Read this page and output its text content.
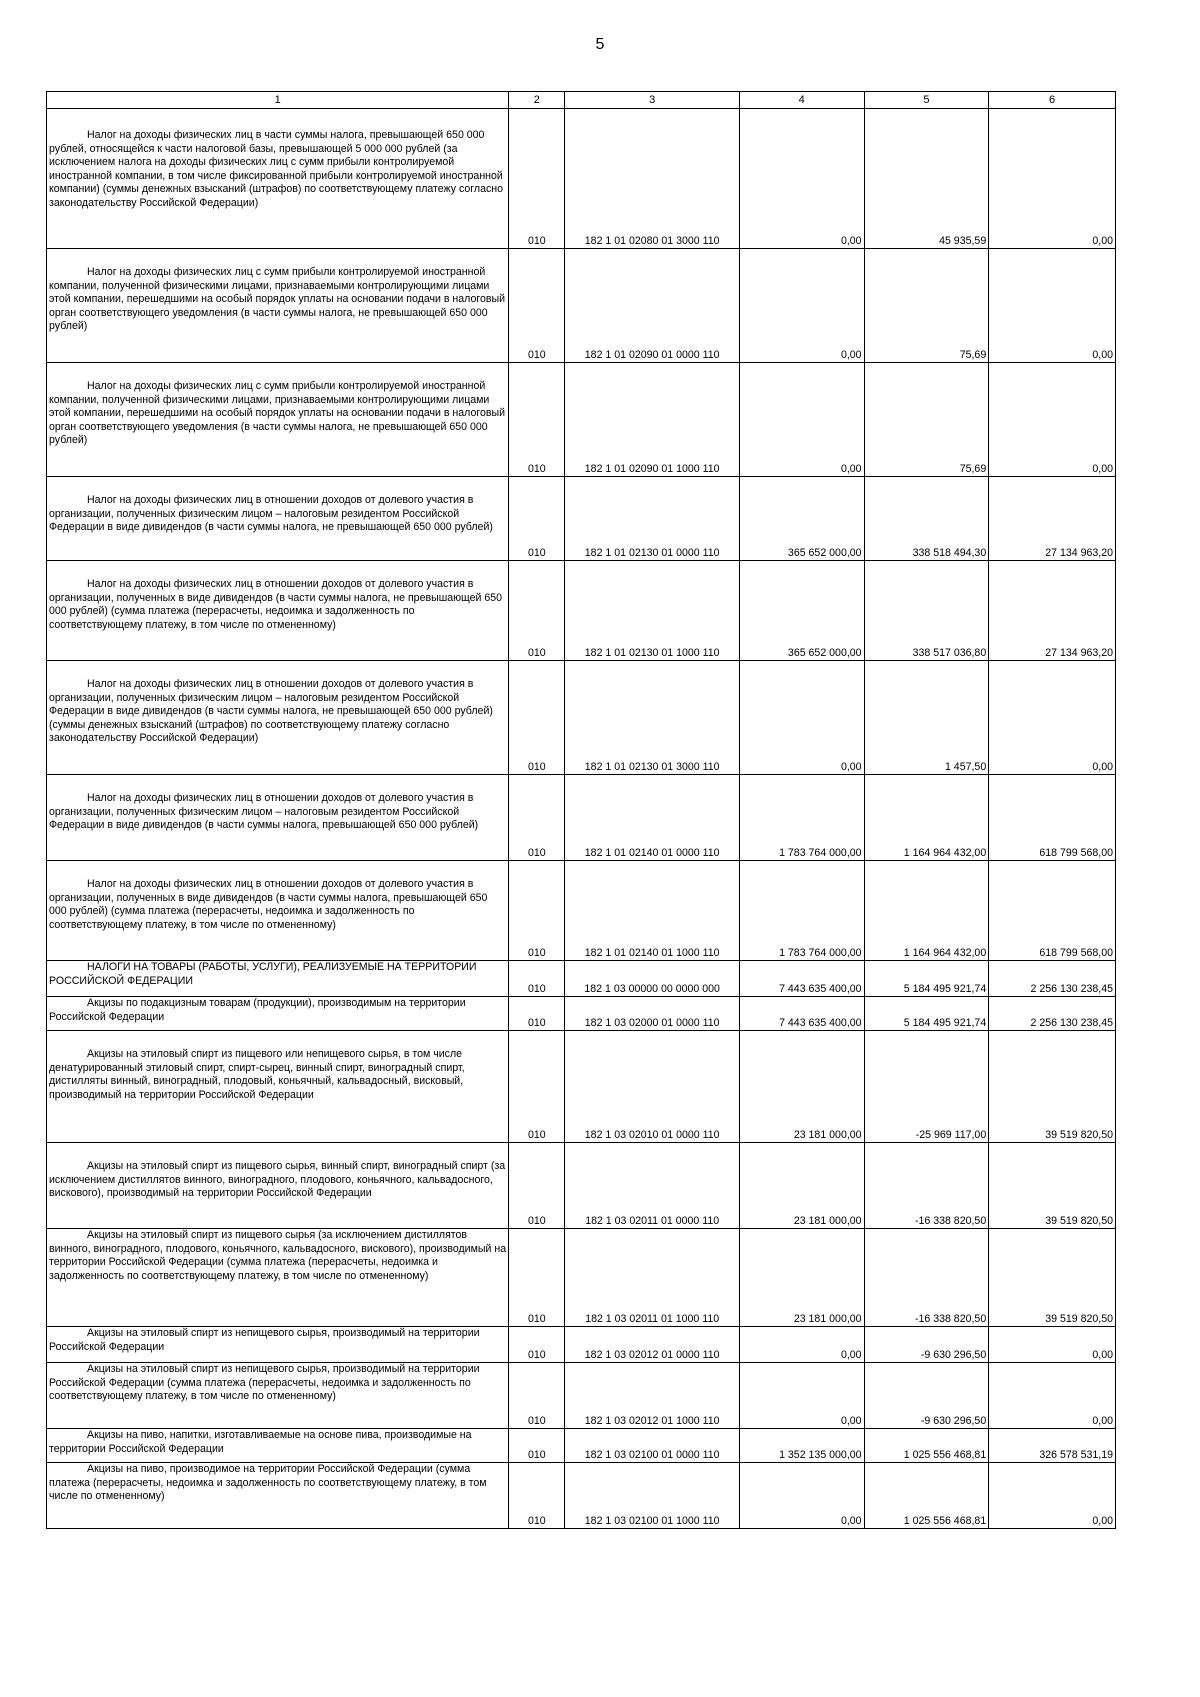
5
1	2	3	4	5	6

Налог на доходы физических лиц в части суммы налога, превышающей 650 000 рублей, относящейся к части налоговой базы, превышающей 5 000 000 рублей (за исключением налога на доходы физических лиц с сумм прибыли контролируемой иностранной компании, в том числе фиксированной прибыли контролируемой иностранной компании) (суммы денежных взысканий (штрафов) по соответствующему платежу согласно законодательству Российской Федерации)	010	182 1 01 02080 01 3000 110	0,00	45 935,59	0,00

Налог на доходы физических лиц с сумм прибыли контролируемой иностранной компании, полученной физическими лицами, признаваемыми контролирующими лицами этой компании, перешедшими на особый порядок уплаты на основании подачи в налоговый орган соответствующего уведомления (в части суммы налога, не превышающей 650 000 рублей)	010	182 1 01 02090 01 0000 110	0,00	75,69	0,00

Налог на доходы физических лиц с сумм прибыли контролируемой иностранной компании, полученной физическими лицами, признаваемыми контролирующими лицами этой компании, перешедшими на особый порядок уплаты на основании подачи в налоговый орган соответствующего уведомления (в части суммы налога, не превышающей 650 000 рублей)	010	182 1 01 02090 01 1000 110	0,00	75,69	0,00

Налог на доходы физических лиц в отношении доходов от долевого участия в организации, полученных физическим лицом – налоговым резидентом Российской Федерации в виде дивидендов (в части суммы налога, не превышающей 650 000 рублей)	010	182 1 01 02130 01 0000 110	365 652 000,00	338 518 494,30	27 134 963,20

Налог на доходы физических лиц в отношении доходов от долевого участия в организации, полученных в виде дивидендов (в части суммы налога, не превышающей 650 000 рублей) (сумма платежа (перерасчеты, недоимка и задолженность по соответствующему платежу, в том числе по отмененному)	010	182 1 01 02130 01 1000 110	365 652 000,00	338 517 036,80	27 134 963,20

Налог на доходы физических лиц в отношении доходов от долевого участия в организации, полученных физическим лицом – налоговым резидентом Российской Федерации в виде дивидендов (в части суммы налога, не превышающей 650 000 рублей) (суммы денежных взысканий (штрафов) по соответствующему платежу согласно законодательству Российской Федерации)	010	182 1 01 02130 01 3000 110	0,00	1 457,50	0,00

Налог на доходы физических лиц в отношении доходов от долевого участия в организации, полученных физическим лицом – налоговым резидентом Российской Федерации в виде дивидендов (в части суммы налога, превышающей 650 000 рублей)	010	182 1 01 02140 01 0000 110	1 783 764 000,00	1 164 964 432,00	618 799 568,00

Налог на доходы физических лиц в отношении доходов от долевого участия в организации, полученных в виде дивидендов (в части суммы налога, превышающей 650 000 рублей) (сумма платежа (перерасчеты, недоимка и задолженность по соответствующему платежу, в том числе по отмененному)	010	182 1 01 02140 01 1000 110	1 783 764 000,00	1 164 964 432,00	618 799 568,00

НАЛОГИ НА ТОВАРЫ (РАБОТЫ, УСЛУГИ), РЕАЛИЗУЕМЫЕ НА ТЕРРИТОРИИ РОССИЙСКОЙ ФЕДЕРАЦИИ	010	182 1 03 00000 00 0000 000	7 443 635 400,00	5 184 495 921,74	2 256 130 238,45

Акцизы по подакцизным товарам (продукции), производимым на территории Российской Федерации	010	182 1 03 02000 01 0000 110	7 443 635 400,00	5 184 495 921,74	2 256 130 238,45

Акцизы на этиловый спирт из пищевого или непищевого сырья, в том числе денатурированный этиловый спирт, спирт-сырец, винный спирт, виноградный спирт, дистилляты винный, виноградный, плодовый, коньячный, кальвадосный, висковый, производимый на территории Российской Федерации	010	182 1 03 02010 01 0000 110	23 181 000,00	-25 969 117,00	39 519 820,50

Акцизы на этиловый спирт из пищевого сырья, винный спирт, виноградный спирт (за исключением дистиллятов винного, виноградного, плодового, коньячного, кальвадосного, вискового), производимый на территории Российской Федерации	010	182 1 03 02011 01 0000 110	23 181 000,00	-16 338 820,50	39 519 820,50

Акцизы на этиловый спирт из пищевого сырья (за исключением дистиллятов винного, виноградного, плодового, коньячного, кальвадосного, вискового), производимый на территории Российской Федерации (сумма платежа (перерасчеты, недоимка и задолженность по соответствующему платежу, в том числе по отмененному)	010	182 1 03 02011 01 1000 110	23 181 000,00	-16 338 820,50	39 519 820,50

Акцизы на этиловый спирт из непищевого сырья, производимый на территории Российской Федерации	010	182 1 03 02012 01 0000 110	0,00	-9 630 296,50	0,00

Акцизы на этиловый спирт из непищевого сырья, производимый на территории Российской Федерации (сумма платежа (перерасчеты, недоимка и задолженность по соответствующему платежу, в том числе по отмененному)	010	182 1 03 02012 01 1000 110	0,00	-9 630 296,50	0,00

Акцизы на пиво, напитки, изготавливаемые на основе пива, производимые на территории Российской Федерации	010	182 1 03 02100 01 0000 110	1 352 135 000,00	1 025 556 468,81	326 578 531,19

Акцизы на пиво, производимое на территории Российской Федерации (сумма платежа (перерасчеты, недоимка и задолженность по соответствующему платежу, в том числе по отмененному)	010	182 1 03 02100 01 1000 110	0,00	1 025 556 468,81	0,00
